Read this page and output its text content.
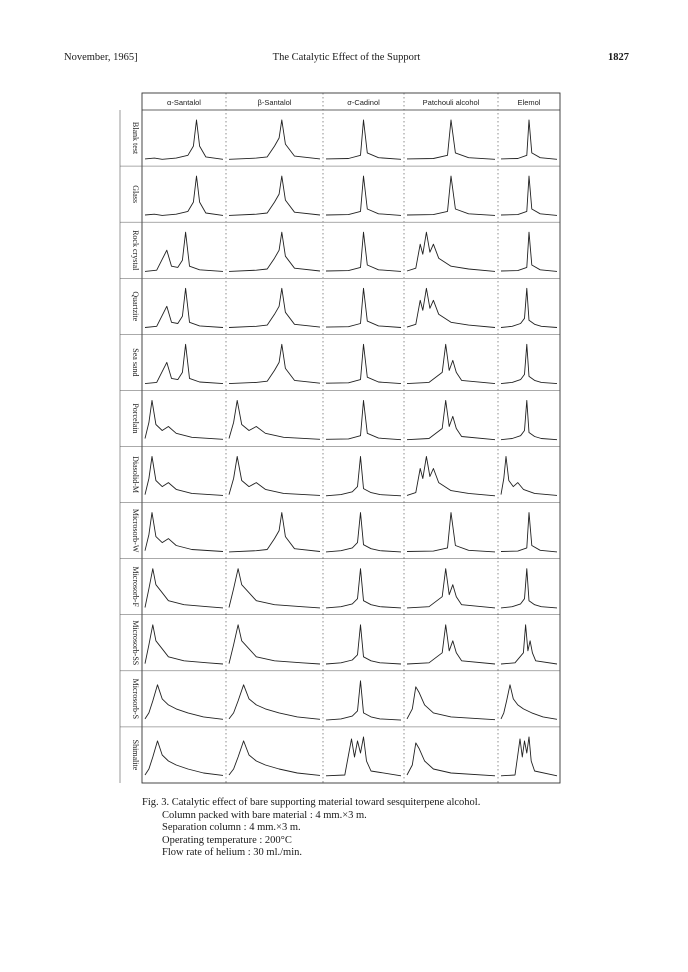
November, 1965]	The Catalytic Effect of the Support	1827
α-Santalol	β-Santalol	σ-Cadinol	Patchouli alcohol	Elemol
Blank test
Glass
Rock crystal
Quartzite
Sea sand
Porcelain
Diasolid-M
Microsorb-W
Microsorb-F
Microsorb-SS
Microsorb-S
Shimalite
Fig. 3. Catalytic effect of bare supporting material toward sesquiterpene alcohol.
Column packed with bare material : 4 mm.×3 m.
Separation column : 4 mm.×3 m.
Operating temperature : 200°C
Flow rate of helium : 30 ml./min.
